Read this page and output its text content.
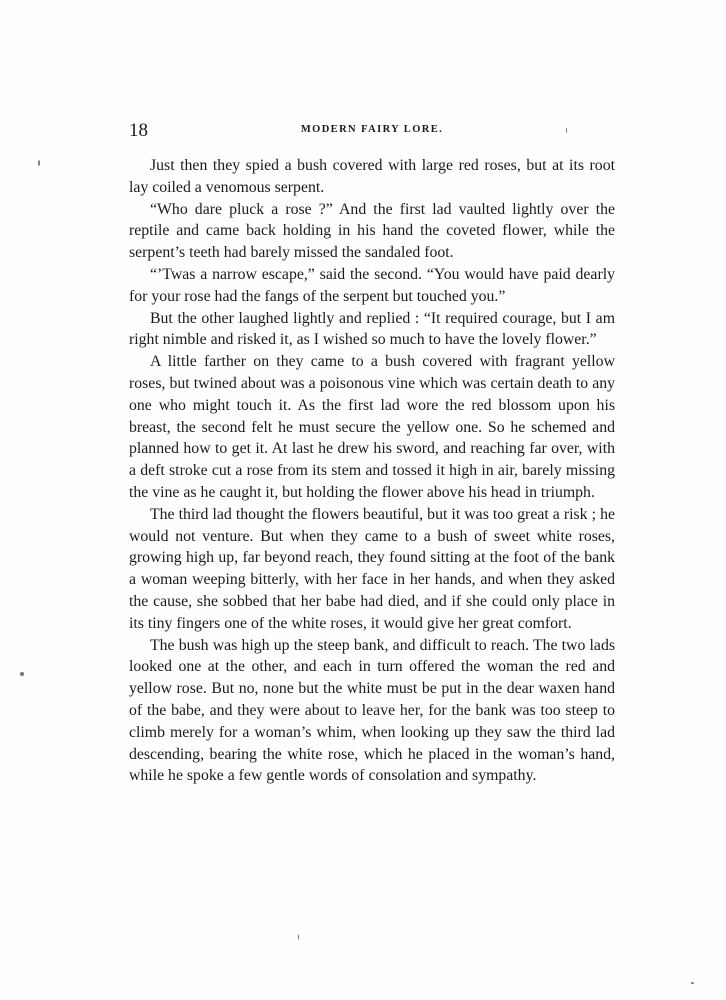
18	MODERN FAIRY LORE.

Just then they spied a bush covered with large red roses, but at its root lay coiled a venomous serpent.

“Who dare pluck a rose ?” And the first lad vaulted lightly over the reptile and came back holding in his hand the coveted flower, while the serpent’s teeth had barely missed the sandaled foot.

“’Twas a narrow escape,” said the second. “You would have paid dearly for your rose had the fangs of the serpent but touched you.”

But the other laughed lightly and replied : “It required courage, but I am right nimble and risked it, as I wished so much to have the lovely flower.”

A little farther on they came to a bush covered with fragrant yellow roses, but twined about was a poisonous vine which was certain death to any one who might touch it. As the first lad wore the red blossom upon his breast, the second felt he must secure the yellow one. So he schemed and planned how to get it. At last he drew his sword, and reaching far over, with a deft stroke cut a rose from its stem and tossed it high in air, barely missing the vine as he caught it, but holding the flower above his head in triumph.

The third lad thought the flowers beautiful, but it was too great a risk ; he would not venture. But when they came to a bush of sweet white roses, growing high up, far beyond reach, they found sitting at the foot of the bank a woman weeping bitterly, with her face in her hands, and when they asked the cause, she sobbed that her babe had died, and if she could only place in its tiny fingers one of the white roses, it would give her great comfort.

The bush was high up the steep bank, and difficult to reach. The two lads looked one at the other, and each in turn offered the woman the red and yellow rose. But no, none but the white must be put in the dear waxen hand of the babe, and they were about to leave her, for the bank was too steep to climb merely for a woman’s whim, when looking up they saw the third lad descending, bearing the white rose, which he placed in the woman’s hand, while he spoke a few gentle words of consolation and sympathy.
